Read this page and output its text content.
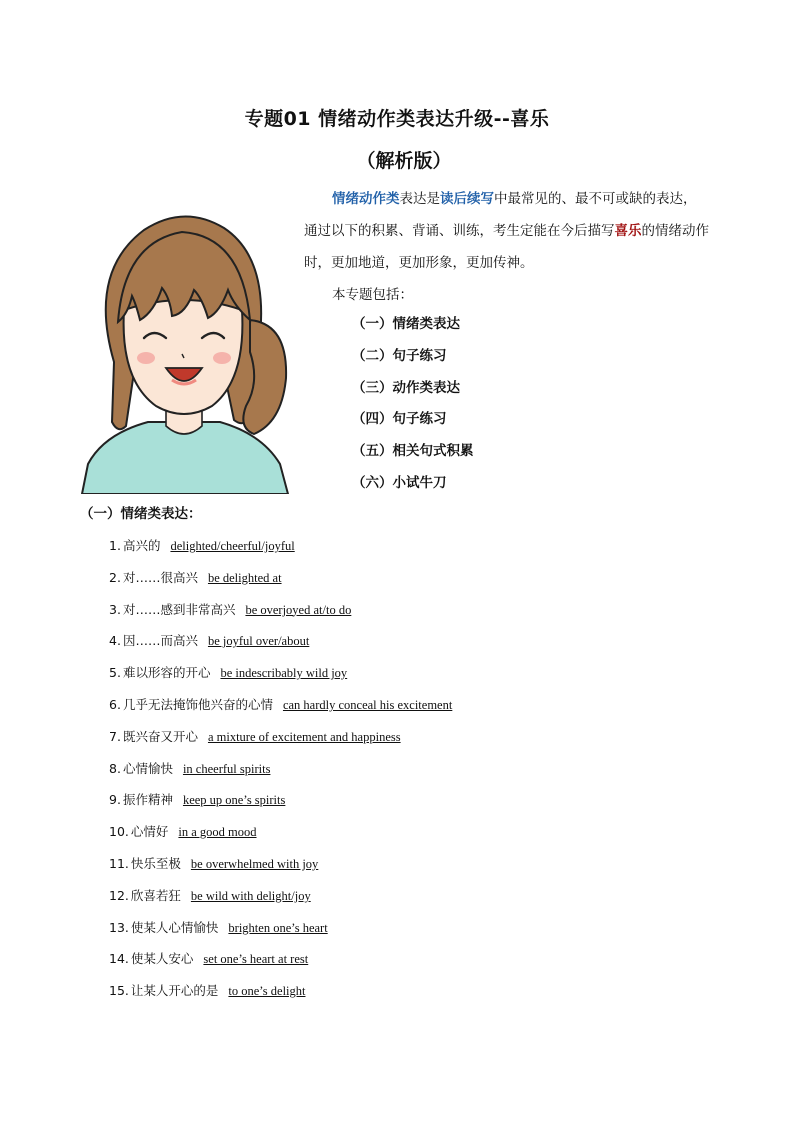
专题01 情绪动作类表达升级--喜乐
（解析版）

情绪动作类表达是读后续写中最常见的、最不可或缺的表达，

通过以下的积累、背诵、训练，考生定能在今后描写喜乐的情绪动作

时，更加地道，更加形象，更加传神。

本专题包括：

（一）情绪类表达
（二）句子练习
（三）动作类表达
（四）句子练习
（五）相关句式积累
（六）小试牛刀
（一）情绪类表达：
1.高兴的 delighted/cheerful/joyful
2.对……很高兴 be delighted at
3.对……感到非常高兴 be overjoyed at/to do
4.因……而高兴 be joyful over/about
5.难以形容的开心 be indescribably wild joy
6.几乎无法掩饰他兴奋的心情 can hardly conceal his excitement
7.既兴奋又开心 a mixture of excitement and happiness
8.心情愉快 in cheerful spirits
9.振作精神 keep up one’s spirits
10. 心情好 in a good mood
11. 快乐至极 be overwhelmed with joy
12. 欣喜若狂 be wild with delight/joy
13. 使某人心情愉快 brighten one’s heart
14. 使某人安心 set one’s heart at rest
15. 让某人开心的是 to one’s delight
